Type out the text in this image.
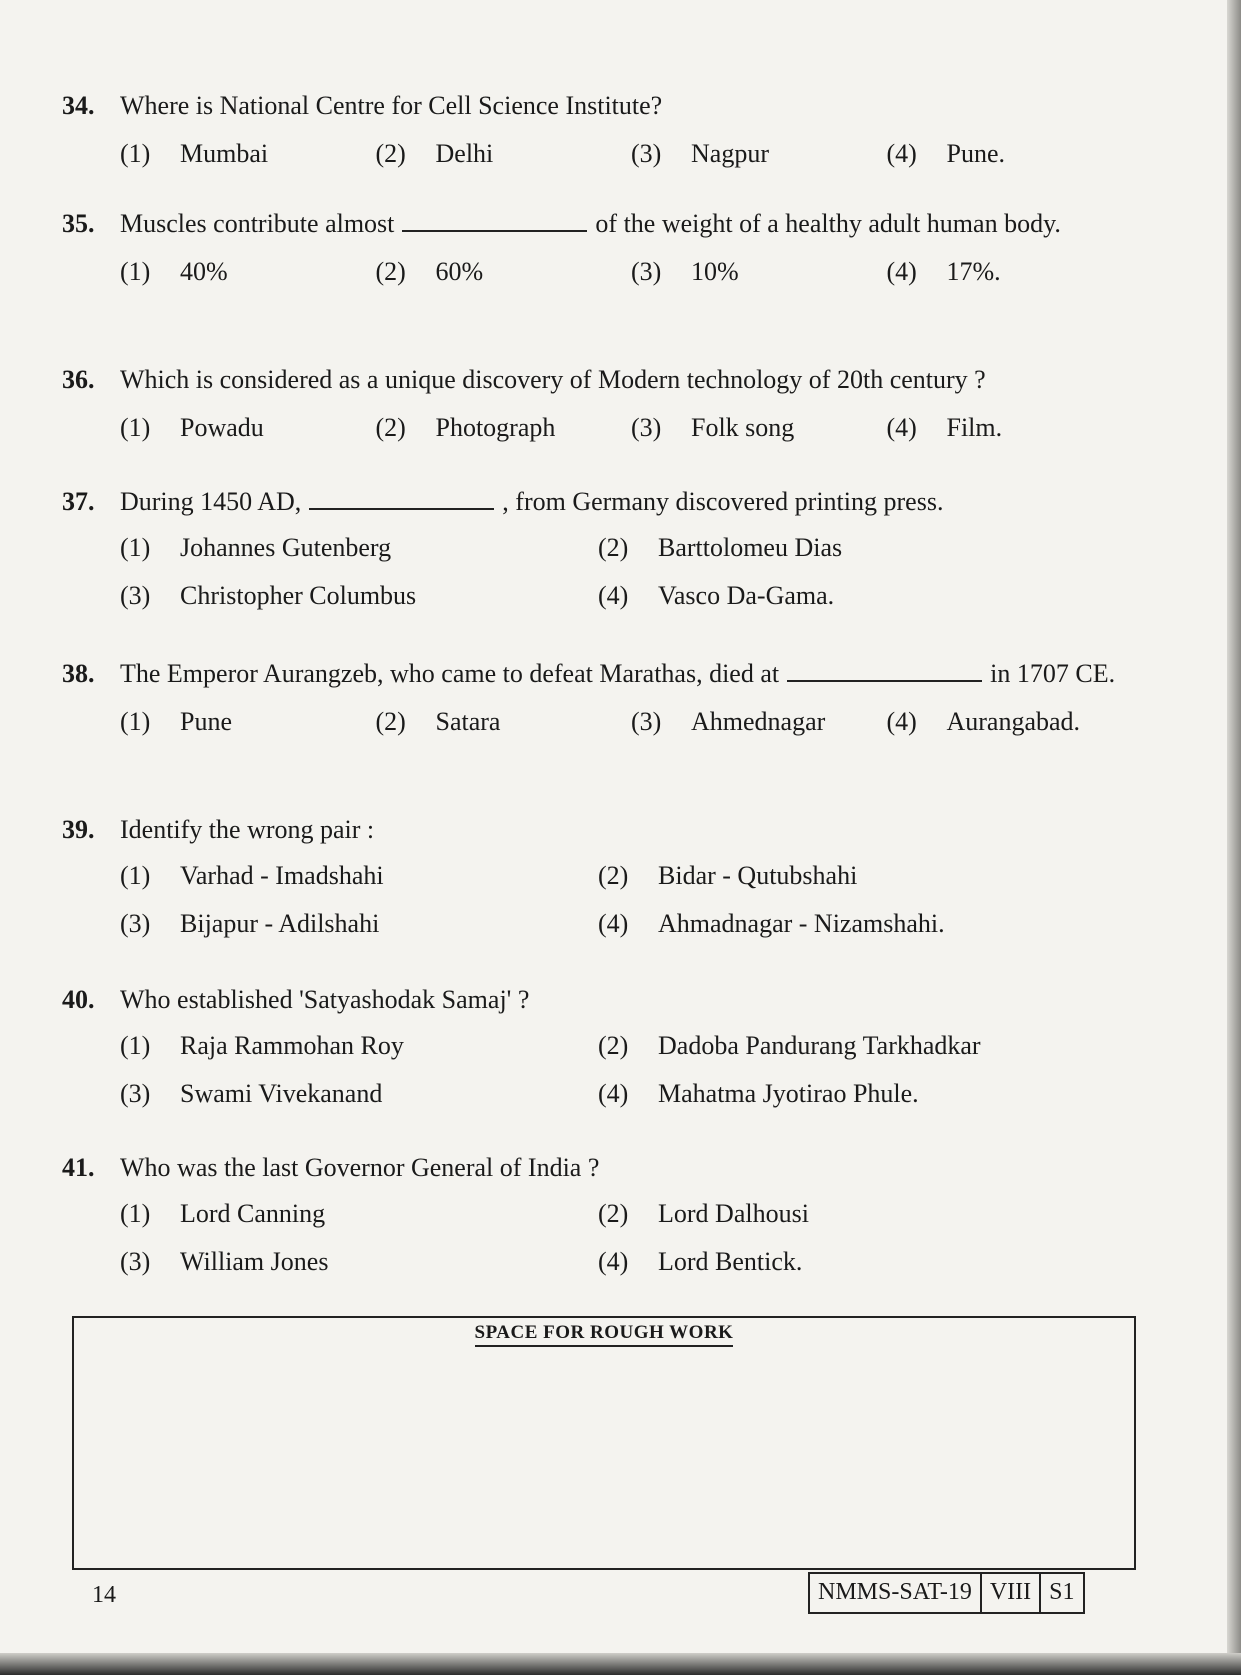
34. Where is National Centre for Cell Science Institute?
(1) Mumbai	(2) Delhi	(3) Nagpur	(4) Pune.
35. Muscles contribute almost	of the weight of a healthy adult human body.
(1) 40%	(2) 60%	(3) 10%	(4) 17%.
36. Which is considered as a unique discovery of Modern technology of 20th century ?
(1) Powadu	(2) Photograph	(3) Folk song	(4) Film.
37. During 1450 AD,	, from Germany discovered printing press.
(1) Johannes Gutenberg	(2) Barttolomeu Dias
(3) Christopher Columbus	(4) Vasco Da-Gama.
38. The Emperor Aurangzeb, who came to defeat Marathas, died at	in 1707 CE.
(1) Pune	(2) Satara	(3) Ahmednagar	(4) Aurangabad.
39. Identify the wrong pair :
(1) Varhad - Imadshahi	(2) Bidar - Qutubshahi
(3) Bijapur - Adilshahi	(4) Ahmadnagar - Nizamshahi.
40. Who established 'Satyashodak Samaj' ?
(1) Raja Rammohan Roy	(2) Dadoba Pandurang Tarkhadkar
(3) Swami Vivekanand	(4) Mahatma Jyotirao Phule.
41. Who was the last Governor General of India ?
(1) Lord Canning	(2) Lord Dalhousi
(3) William Jones	(4) Lord Bentick.
SPACE FOR ROUGH WORK
14	NMMS-SAT-19 VIII S1
